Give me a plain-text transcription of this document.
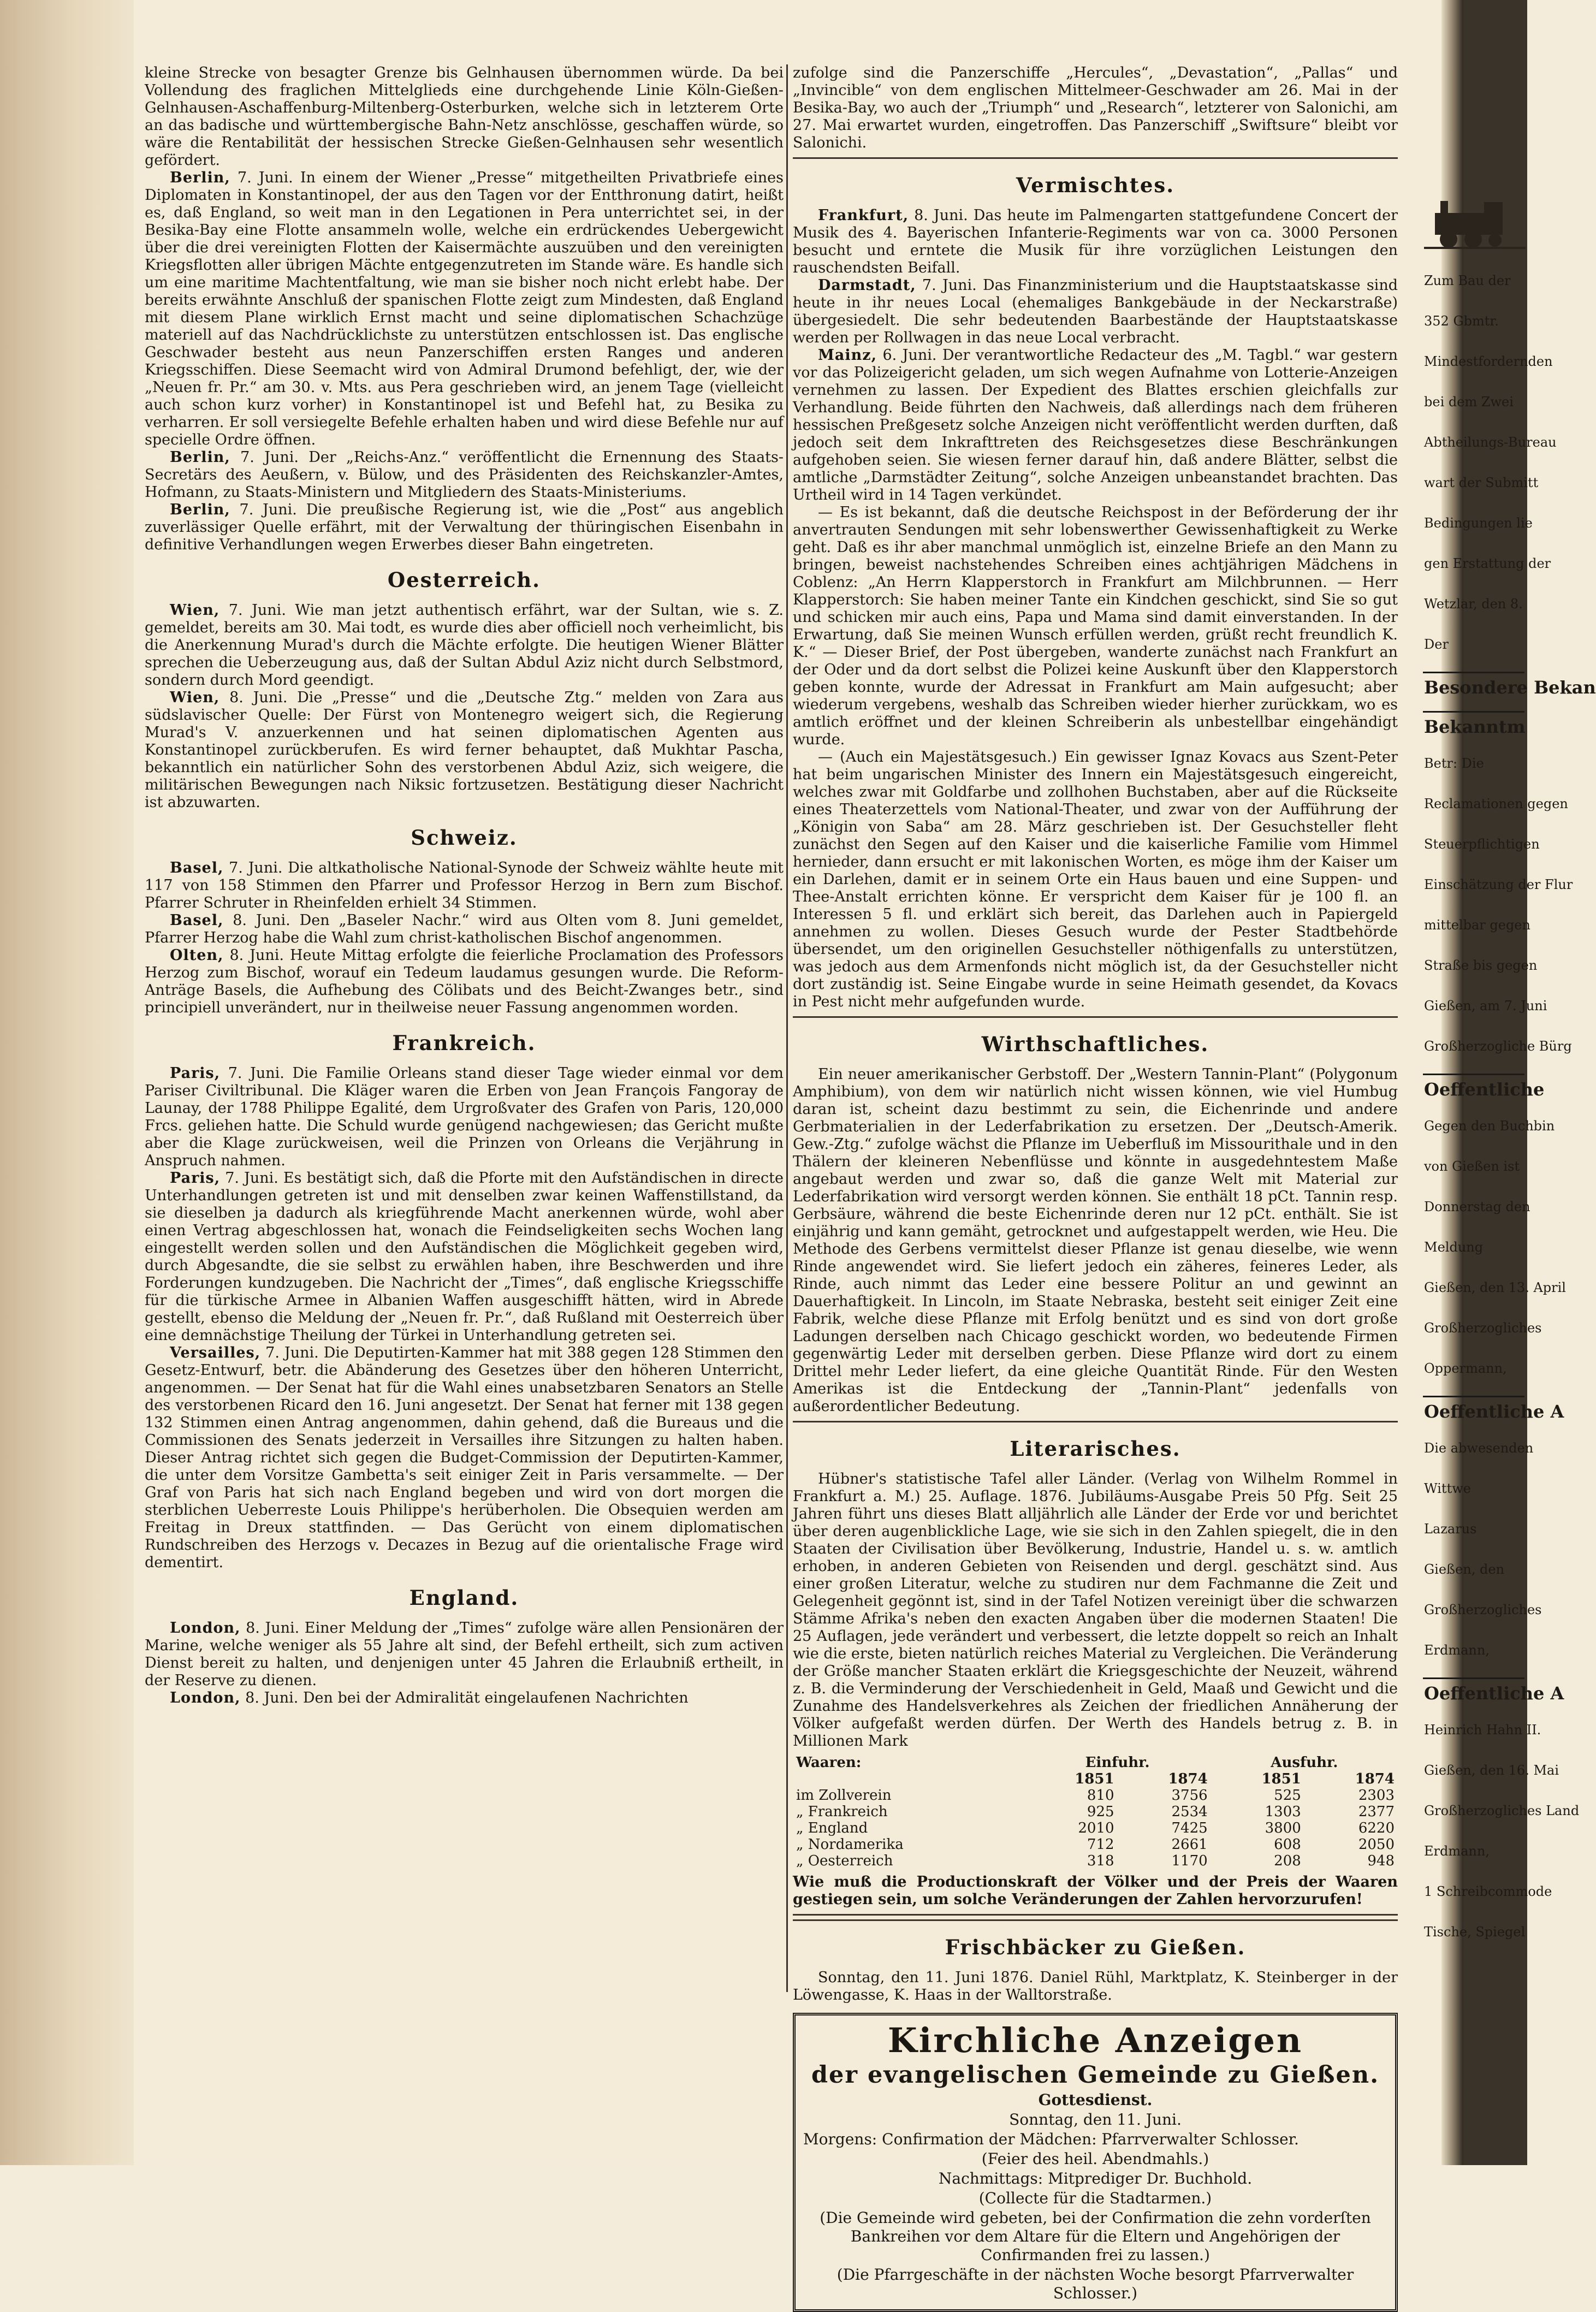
kleine Strecke von besagter Grenze bis Gelnhausen übernommen würde. Da bei Vollendung des fraglichen Mittelglieds eine durchgehende Linie Köln-Gießen-Gelnhausen-Aschaffenburg-Miltenberg-Osterburken, welche sich in letzterem Orte an das badische und württembergische Bahn-Netz anschlösse, geschaffen würde, so wäre die Rentabilität der hessischen Strecke Gießen-Gelnhausen sehr wesentlich gefördert.

Berlin, 7. Juni. In einem der Wiener „Presse“ mitgetheilten Privatbriefe eines Diplomaten in Konstantinopel, der aus den Tagen vor der Entthronung datirt, heißt es, daß England, so weit man in den Legationen in Pera unterrichtet sei, in der Besika-Bay eine Flotte ansammeln wolle, welche ein erdrückendes Uebergewicht über die drei vereinigten Flotten der Kaisermächte auszuüben und den vereinigten Kriegsflotten aller übrigen Mächte entgegenzutreten im Stande wäre. Es handle sich um eine maritime Machtentfaltung, wie man sie bisher noch nicht erlebt habe. Der bereits erwähnte Anschluß der spanischen Flotte zeigt zum Mindesten, daß England mit diesem Plane wirklich Ernst macht und seine diplomatischen Schachzüge materiell auf das Nachdrücklichste zu unterstützen entschlossen ist. Das englische Geschwader besteht aus neun Panzerschiffen ersten Ranges und anderen Kriegsschiffen. Diese Seemacht wird von Admiral Drumond befehligt, der, wie der „Neuen fr. Pr.“ am 30. v. Mts. aus Pera geschrieben wird, an jenem Tage (vielleicht auch schon kurz vorher) in Konstantinopel ist und Befehl hat, zu Besika zu verharren. Er soll versiegelte Befehle erhalten haben und wird diese Befehle nur auf specielle Ordre öffnen.

Berlin, 7. Juni. Der „Reichs-Anz.“ veröffentlicht die Ernennung des Staats-Secretärs des Aeußern, v. Bülow, und des Präsidenten des Reichskanzler-Amtes, Hofmann, zu Staats-Ministern und Mitgliedern des Staats-Ministeriums.

Berlin, 7. Juni. Die preußische Regierung ist, wie die „Post“ aus angeblich zuverlässiger Quelle erfährt, mit der Verwaltung der thüringischen Eisenbahn in definitive Verhandlungen wegen Erwerbes dieser Bahn eingetreten.

Oesterreich.

Wien, 7. Juni. Wie man jetzt authentisch erfährt, war der Sultan, wie s. Z. gemeldet, bereits am 30. Mai todt, es wurde dies aber officiell noch verheimlicht, bis die Anerkennung Murad's durch die Mächte erfolgte. Die heutigen Wiener Blätter sprechen die Ueberzeugung aus, daß der Sultan Abdul Aziz nicht durch Selbstmord, sondern durch Mord geendigt.

Wien, 8. Juni. Die „Presse“ und die „Deutsche Ztg.“ melden von Zara aus südslavischer Quelle: Der Fürst von Montenegro weigert sich, die Regierung Murad's V. anzuerkennen und hat seinen diplomatischen Agenten aus Konstantinopel zurückberufen. Es wird ferner behauptet, daß Mukhtar Pascha, bekanntlich ein natürlicher Sohn des verstorbenen Abdul Aziz, sich weigere, die militärischen Bewegungen nach Niksic fortzusetzen. Bestätigung dieser Nachricht ist abzuwarten.

Schweiz.

Basel, 7. Juni. Die altkatholische National-Synode der Schweiz wählte heute mit 117 von 158 Stimmen den Pfarrer und Professor Herzog in Bern zum Bischof. Pfarrer Schruter in Rheinfelden erhielt 34 Stimmen.

Basel, 8. Juni. Den „Baseler Nachr.“ wird aus Olten vom 8. Juni gemeldet, Pfarrer Herzog habe die Wahl zum christ-katholischen Bischof angenommen.

Olten, 8. Juni. Heute Mittag erfolgte die feierliche Proclamation des Professors Herzog zum Bischof, worauf ein Tedeum laudamus gesungen wurde. Die Reform-Anträge Basels, die Aufhebung des Cölibats und des Beicht-Zwanges betr., sind principiell unverändert, nur in theilweise neuer Fassung angenommen worden.

Frankreich.

Paris, 7. Juni. Die Familie Orleans stand dieser Tage wieder einmal vor dem Pariser Civiltribunal. Die Kläger waren die Erben von Jean François Fangoray de Launay, der 1788 Philippe Egalité, dem Urgroßvater des Grafen von Paris, 120,000 Frcs. geliehen hatte. Die Schuld wurde genügend nachgewiesen; das Gericht mußte aber die Klage zurückweisen, weil die Prinzen von Orleans die Verjährung in Anspruch nahmen.

Paris, 7. Juni. Es bestätigt sich, daß die Pforte mit den Aufständischen in directe Unterhandlungen getreten ist und mit denselben zwar keinen Waffenstillstand, da sie dieselben ja dadurch als kriegführende Macht anerkennen würde, wohl aber einen Vertrag abgeschlossen hat, wonach die Feindseligkeiten sechs Wochen lang eingestellt werden sollen und den Aufständischen die Möglichkeit gegeben wird, durch Abgesandte, die sie selbst zu erwählen haben, ihre Beschwerden und ihre Forderungen kundzugeben. Die Nachricht der „Times“, daß englische Kriegsschiffe für die türkische Armee in Albanien Waffen ausgeschifft hätten, wird in Abrede gestellt, ebenso die Meldung der „Neuen fr. Pr.“, daß Rußland mit Oesterreich über eine demnächstige Theilung der Türkei in Unterhandlung getreten sei.

Versailles, 7. Juni. Die Deputirten-Kammer hat mit 388 gegen 128 Stimmen den Gesetz-Entwurf, betr. die Abänderung des Gesetzes über den höheren Unterricht, angenommen. — Der Senat hat für die Wahl eines unabsetzbaren Senators an Stelle des verstorbenen Ricard den 16. Juni angesetzt. Der Senat hat ferner mit 138 gegen 132 Stimmen einen Antrag angenommen, dahin gehend, daß die Bureaus und die Commissionen des Senats jederzeit in Versailles ihre Sitzungen zu halten haben. Dieser Antrag richtet sich gegen die Budget-Commission der Deputirten-Kammer, die unter dem Vorsitze Gambetta's seit einiger Zeit in Paris versammelte. — Der Graf von Paris hat sich nach England begeben und wird von dort morgen die sterblichen Ueberreste Louis Philippe's herüberholen. Die Obsequien werden am Freitag in Dreux stattfinden. — Das Gerücht von einem diplomatischen Rundschreiben des Herzogs v. Decazes in Bezug auf die orientalische Frage wird dementirt.

England.

London, 8. Juni. Einer Meldung der „Times“ zufolge wäre allen Pensionären der Marine, welche weniger als 55 Jahre alt sind, der Befehl ertheilt, sich zum activen Dienst bereit zu halten, und denjenigen unter 45 Jahren die Erlaubniß ertheilt, in der Reserve zu dienen.

London, 8. Juni. Den bei der Admiralität eingelaufenen Nachrichten

zufolge sind die Panzerschiffe „Hercules“, „Devastation“, „Pallas“ und „Invincible“ von dem englischen Mittelmeer-Geschwader am 26. Mai in der Besika-Bay, wo auch der „Triumph“ und „Research“, letzterer von Salonichi, am 27. Mai erwartet wurden, eingetroffen. Das Panzerschiff „Swiftsure“ bleibt vor Salonichi.

Vermischtes.

Frankfurt, 8. Juni. Das heute im Palmengarten stattgefundene Concert der Musik des 4. Bayerischen Infanterie-Regiments war von ca. 3000 Personen besucht und erntete die Musik für ihre vorzüglichen Leistungen den rauschendsten Beifall.

Darmstadt, 7. Juni. Das Finanzministerium und die Hauptstaatskasse sind heute in ihr neues Local (ehemaliges Bankgebäude in der Neckarstraße) übergesiedelt. Die sehr bedeutenden Baarbestände der Hauptstaatskasse werden per Rollwagen in das neue Local verbracht.

Mainz, 6. Juni. Der verantwortliche Redacteur des „M. Tagbl.“ war gestern vor das Polizeigericht geladen, um sich wegen Aufnahme von Lotterie-Anzeigen vernehmen zu lassen. Der Expedient des Blattes erschien gleichfalls zur Verhandlung. Beide führten den Nachweis, daß allerdings nach dem früheren hessischen Preßgesetz solche Anzeigen nicht veröffentlicht werden durften, daß jedoch seit dem Inkrafttreten des Reichsgesetzes diese Beschränkungen aufgehoben seien. Sie wiesen ferner darauf hin, daß andere Blätter, selbst die amtliche „Darmstädter Zeitung“, solche Anzeigen unbeanstandet brachten. Das Urtheil wird in 14 Tagen verkündet.

— Es ist bekannt, daß die deutsche Reichspost in der Beförderung der ihr anvertrauten Sendungen mit sehr lobenswerther Gewissenhaftigkeit zu Werke geht. Daß es ihr aber manchmal unmöglich ist, einzelne Briefe an den Mann zu bringen, beweist nachstehendes Schreiben eines achtjährigen Mädchens in Coblenz: „An Herrn Klapperstorch in Frankfurt am Milchbrunnen. — Herr Klapperstorch: Sie haben meiner Tante ein Kindchen geschickt, sind Sie so gut und schicken mir auch eins, Papa und Mama sind damit einverstanden. In der Erwartung, daß Sie meinen Wunsch erfüllen werden, grüßt recht freundlich K. K.“ — Dieser Brief, der Post übergeben, wanderte zunächst nach Frankfurt an der Oder und da dort selbst die Polizei keine Auskunft über den Klapperstorch geben konnte, wurde der Adressat in Frankfurt am Main aufgesucht; aber wiederum vergebens, weshalb das Schreiben wieder hierher zurückkam, wo es amtlich eröffnet und der kleinen Schreiberin als unbestellbar eingehändigt wurde.

— (Auch ein Majestätsgesuch.) Ein gewisser Ignaz Kovacs aus Szent-Peter hat beim ungarischen Minister des Innern ein Majestätsgesuch eingereicht, welches zwar mit Goldfarbe und zollhohen Buchstaben, aber auf die Rückseite eines Theaterzettels vom National-Theater, und zwar von der Aufführung der „Königin von Saba“ am 28. März geschrieben ist. Der Gesuchsteller fleht zunächst den Segen auf den Kaiser und die kaiserliche Familie vom Himmel hernieder, dann ersucht er mit lakonischen Worten, es möge ihm der Kaiser um ein Darlehen, damit er in seinem Orte ein Haus bauen und eine Suppen- und Thee-Anstalt errichten könne. Er verspricht dem Kaiser für je 100 fl. an Interessen 5 fl. und erklärt sich bereit, das Darlehen auch in Papiergeld annehmen zu wollen. Dieses Gesuch wurde der Pester Stadtbehörde übersendet, um den originellen Gesuchsteller nöthigenfalls zu unterstützen, was jedoch aus dem Armenfonds nicht möglich ist, da der Gesuchsteller nicht dort zuständig ist. Seine Eingabe wurde in seine Heimath gesendet, da Kovacs in Pest nicht mehr aufgefunden wurde.

Wirthschaftliches.

Ein neuer amerikanischer Gerbstoff. Der „Western Tannin-Plant“ (Polygonum Amphibium), von dem wir natürlich nicht wissen können, wie viel Humbug daran ist, scheint dazu bestimmt zu sein, die Eichenrinde und andere Gerbmaterialien in der Lederfabrikation zu ersetzen. Der „Deutsch-Amerik. Gew.-Ztg.“ zufolge wächst die Pflanze im Ueberfluß im Missourithale und in den Thälern der kleineren Nebenflüsse und könnte in ausgedehntestem Maße angebaut werden und zwar so, daß die ganze Welt mit Material zur Lederfabrikation wird versorgt werden können. Sie enthält 18 pCt. Tannin resp. Gerbsäure, während die beste Eichenrinde deren nur 12 pCt. enthält. Sie ist einjährig und kann gemäht, getrocknet und aufgestappelt werden, wie Heu. Die Methode des Gerbens vermittelst dieser Pflanze ist genau dieselbe, wie wenn Rinde angewendet wird. Sie liefert jedoch ein zäheres, feineres Leder, als Rinde, auch nimmt das Leder eine bessere Politur an und gewinnt an Dauerhaftigkeit. In Lincoln, im Staate Nebraska, besteht seit einiger Zeit eine Fabrik, welche diese Pflanze mit Erfolg benützt und es sind von dort große Ladungen derselben nach Chicago geschickt worden, wo bedeutende Firmen gegenwärtig Leder mit derselben gerben. Diese Pflanze wird dort zu einem Drittel mehr Leder liefert, da eine gleiche Quantität Rinde. Für den Westen Amerikas ist die Entdeckung der „Tannin-Plant“ jedenfalls von außerordentlicher Bedeutung.

Literarisches.

Hübner's statistische Tafel aller Länder. (Verlag von Wilhelm Rommel in Frankfurt a. M.) 25. Auflage. 1876. Jubiläums-Ausgabe Preis 50 Pfg. Seit 25 Jahren führt uns dieses Blatt alljährlich alle Länder der Erde vor und berichtet über deren augenblickliche Lage, wie sie sich in den Zahlen spiegelt, die in den Staaten der Civilisation über Bevölkerung, Industrie, Handel u. s. w. amtlich erhoben, in anderen Gebieten von Reisenden und dergl. geschätzt sind. Aus einer großen Literatur, welche zu studiren nur dem Fachmanne die Zeit und Gelegenheit gegönnt ist, sind in der Tafel Notizen vereinigt über die schwarzen Stämme Afrika's neben den exacten Angaben über die modernen Staaten! Die 25 Auflagen, jede verändert und verbessert, die letzte doppelt so reich an Inhalt wie die erste, bieten natürlich reiches Material zu Vergleichen. Die Veränderung der Größe mancher Staaten erklärt die Kriegsgeschichte der Neuzeit, während z. B. die Verminderung der Verschiedenheit in Geld, Maaß und Gewicht und die Zunahme des Handelsverkehres als Zeichen der friedlichen Annäherung der Völker aufgefaßt werden dürfen. Der Werth des Handels betrug z. B. in Millionen Mark

Waaren:	Einfuhr.		Ausfuhr.	
	1851	1874	1851	1874
im Zollverein	810	3756	525	2303
„ Frankreich	925	2534	1303	2377
„ England	2010	7425	3800	6220
„ Nordamerika	712	2661	608	2050
„ Oesterreich	318	1170	208	948

Wie muß die Productionskraft der Völker und der Preis der Waaren gestiegen sein, um solche Veränderungen der Zahlen hervorzurufen!

Frischbäcker zu Gießen.

Sonntag, den 11. Juni 1876. Daniel Rühl, Marktplatz, K. Steinberger in der Löwengasse, K. Haas in der Walltorstraße.

Kirchliche Anzeigen
der evangelischen Gemeinde zu Gießen.
Gottesdienst.
Sonntag, den 11. Juni.
Morgens: Confirmation der Mädchen: Pfarrverwalter Schlosser.
(Feier des heil. Abendmahls.)
Nachmittags: Mitprediger Dr. Buchhold.
(Collecte für die Stadtarmen.)
(Die Gemeinde wird gebeten, bei der Confirmation die zehn vorderſten Bankreihen vor dem Altare für die Eltern und Angehörigen der Confirmanden frei zu lassen.)
(Die Pfarrgeschäfte in der nächsten Woche besorgt Pfarrverwalter Schlosser.)
Zum Bau der
352 Gbmtr.
Mindestfordernden
bei dem Zwei
Abtheilungs-Bureau
wart der Submitt
Bedingungen lie
gen Erstattung der
Wetzlar, den 8.
Der
Besondere Bekan
Bekanntm
Betr: Die
Reclamationen gegen
Steuerpflichtigen
Einschätzung der Flur
mittelbar gegen
Straße bis gegen
Gießen, am 7. Juni
Großherzogliche Bürg
Oeffentliche
Gegen den Buchbin
von Gießen ist
Donnerstag den
Meldung
Gießen, den 13. April
Großherzogliches
Oppermann,
Oeffentliche A
Die abwesenden
Wittwe
Lazarus
Gießen, den
Großherzogliches
Erdmann,
Oeffentliche A
Heinrich Hahn II.
Gießen, den 16. Mai
Großherzogliches Land
Erdmann,
1 Schreibcommode
Tische, Spiegel
